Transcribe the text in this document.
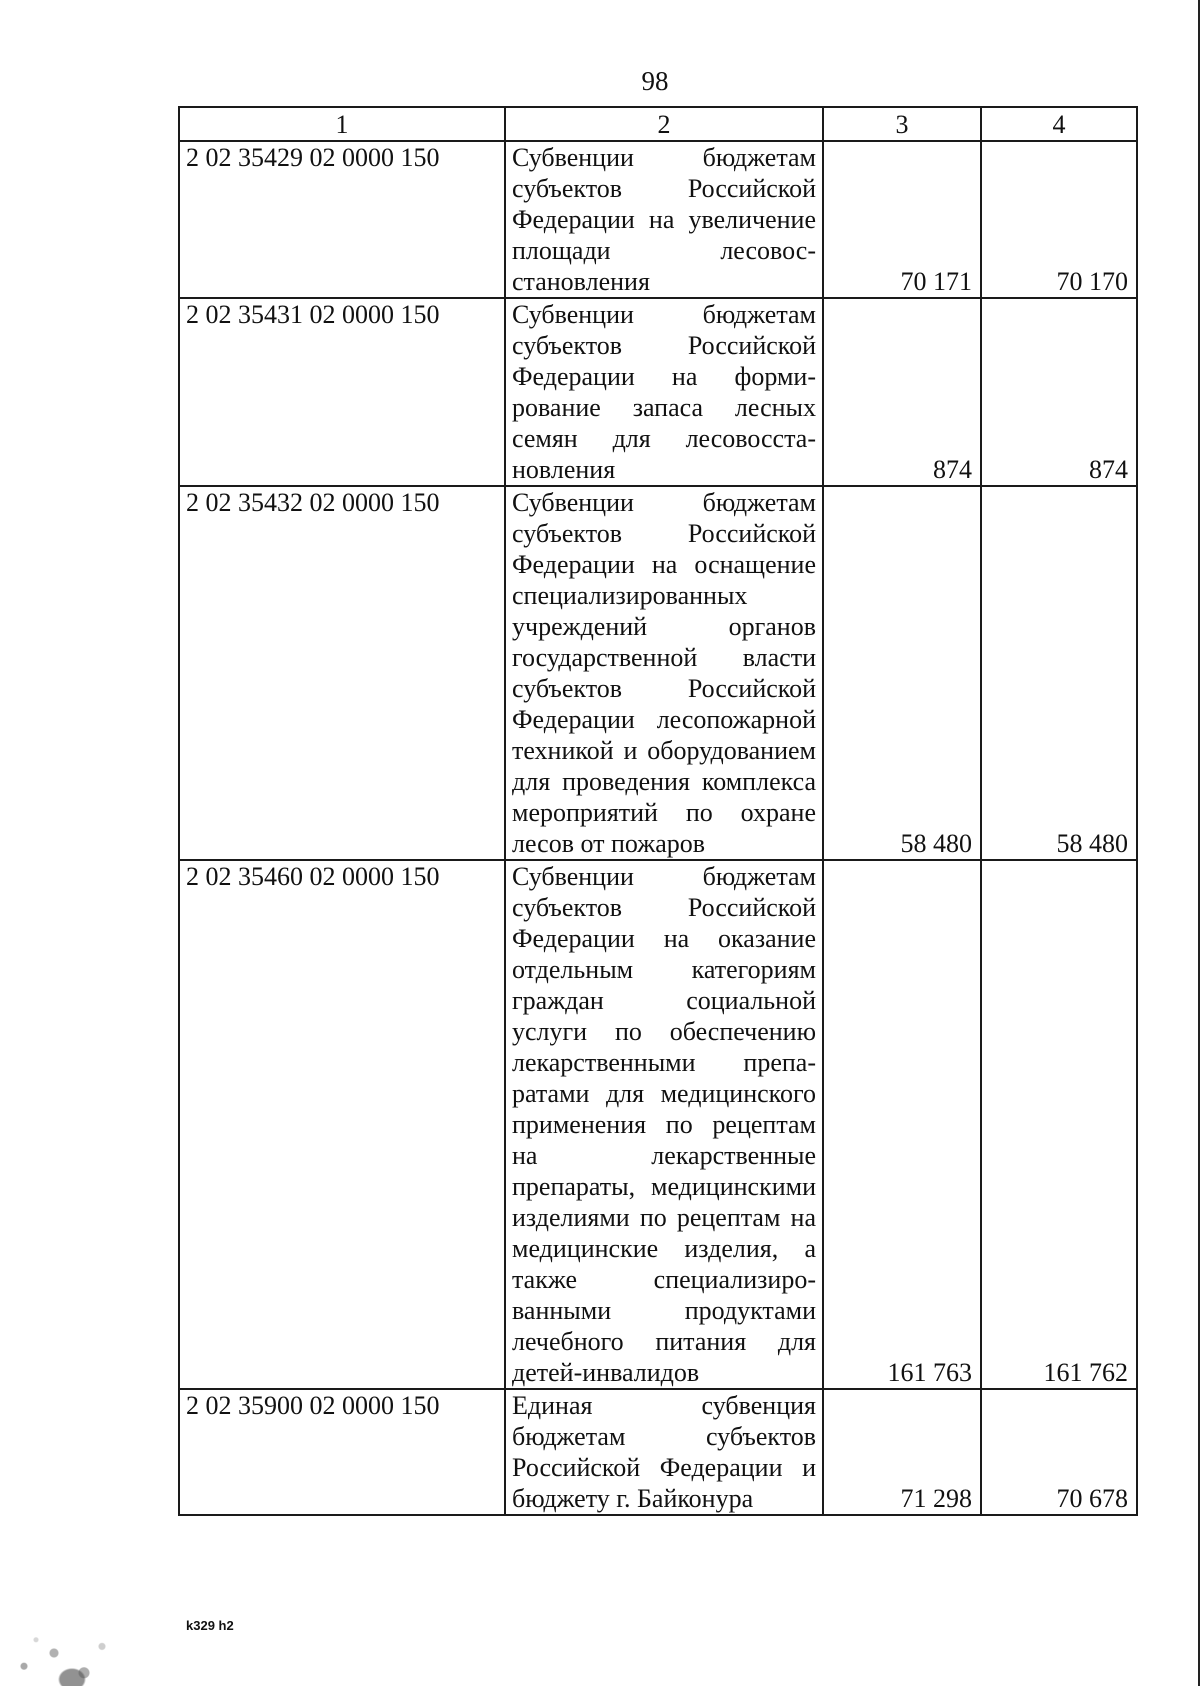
98
1	2	3	4
2 02 35429 02 0000 150	Субвенции бюджетам субъектов Российской Федерации на увеличение площади лесовосстановления	70 171	70 170
2 02 35431 02 0000 150	Субвенции бюджетам субъектов Российской Федерации на формирование запаса лесных семян для лесовосстановления	874	874
2 02 35432 02 0000 150	Субвенции бюджетам субъектов Российской Федерации на оснащение специализированных учреждений органов государственной власти субъектов Российской Федерации лесопожарной техникой и оборудованием для проведения комплекса мероприятий по охране лесов от пожаров	58 480	58 480
2 02 35460 02 0000 150	Субвенции бюджетам субъектов Российской Федерации на оказание отдельным категориям граждан социальной услуги по обеспечению лекарственными препаратами для медицинского применения по рецептам на лекарственные препараты, медицинскими изделиями по рецептам на медицинские изделия, а также специализированными продуктами лечебного питания для детей-инвалидов	161 763	161 762
2 02 35900 02 0000 150	Единая субвенция бюджетам субъектов Российской Федерации и бюджету г. Байконура	71 298	70 678
k329 h2
